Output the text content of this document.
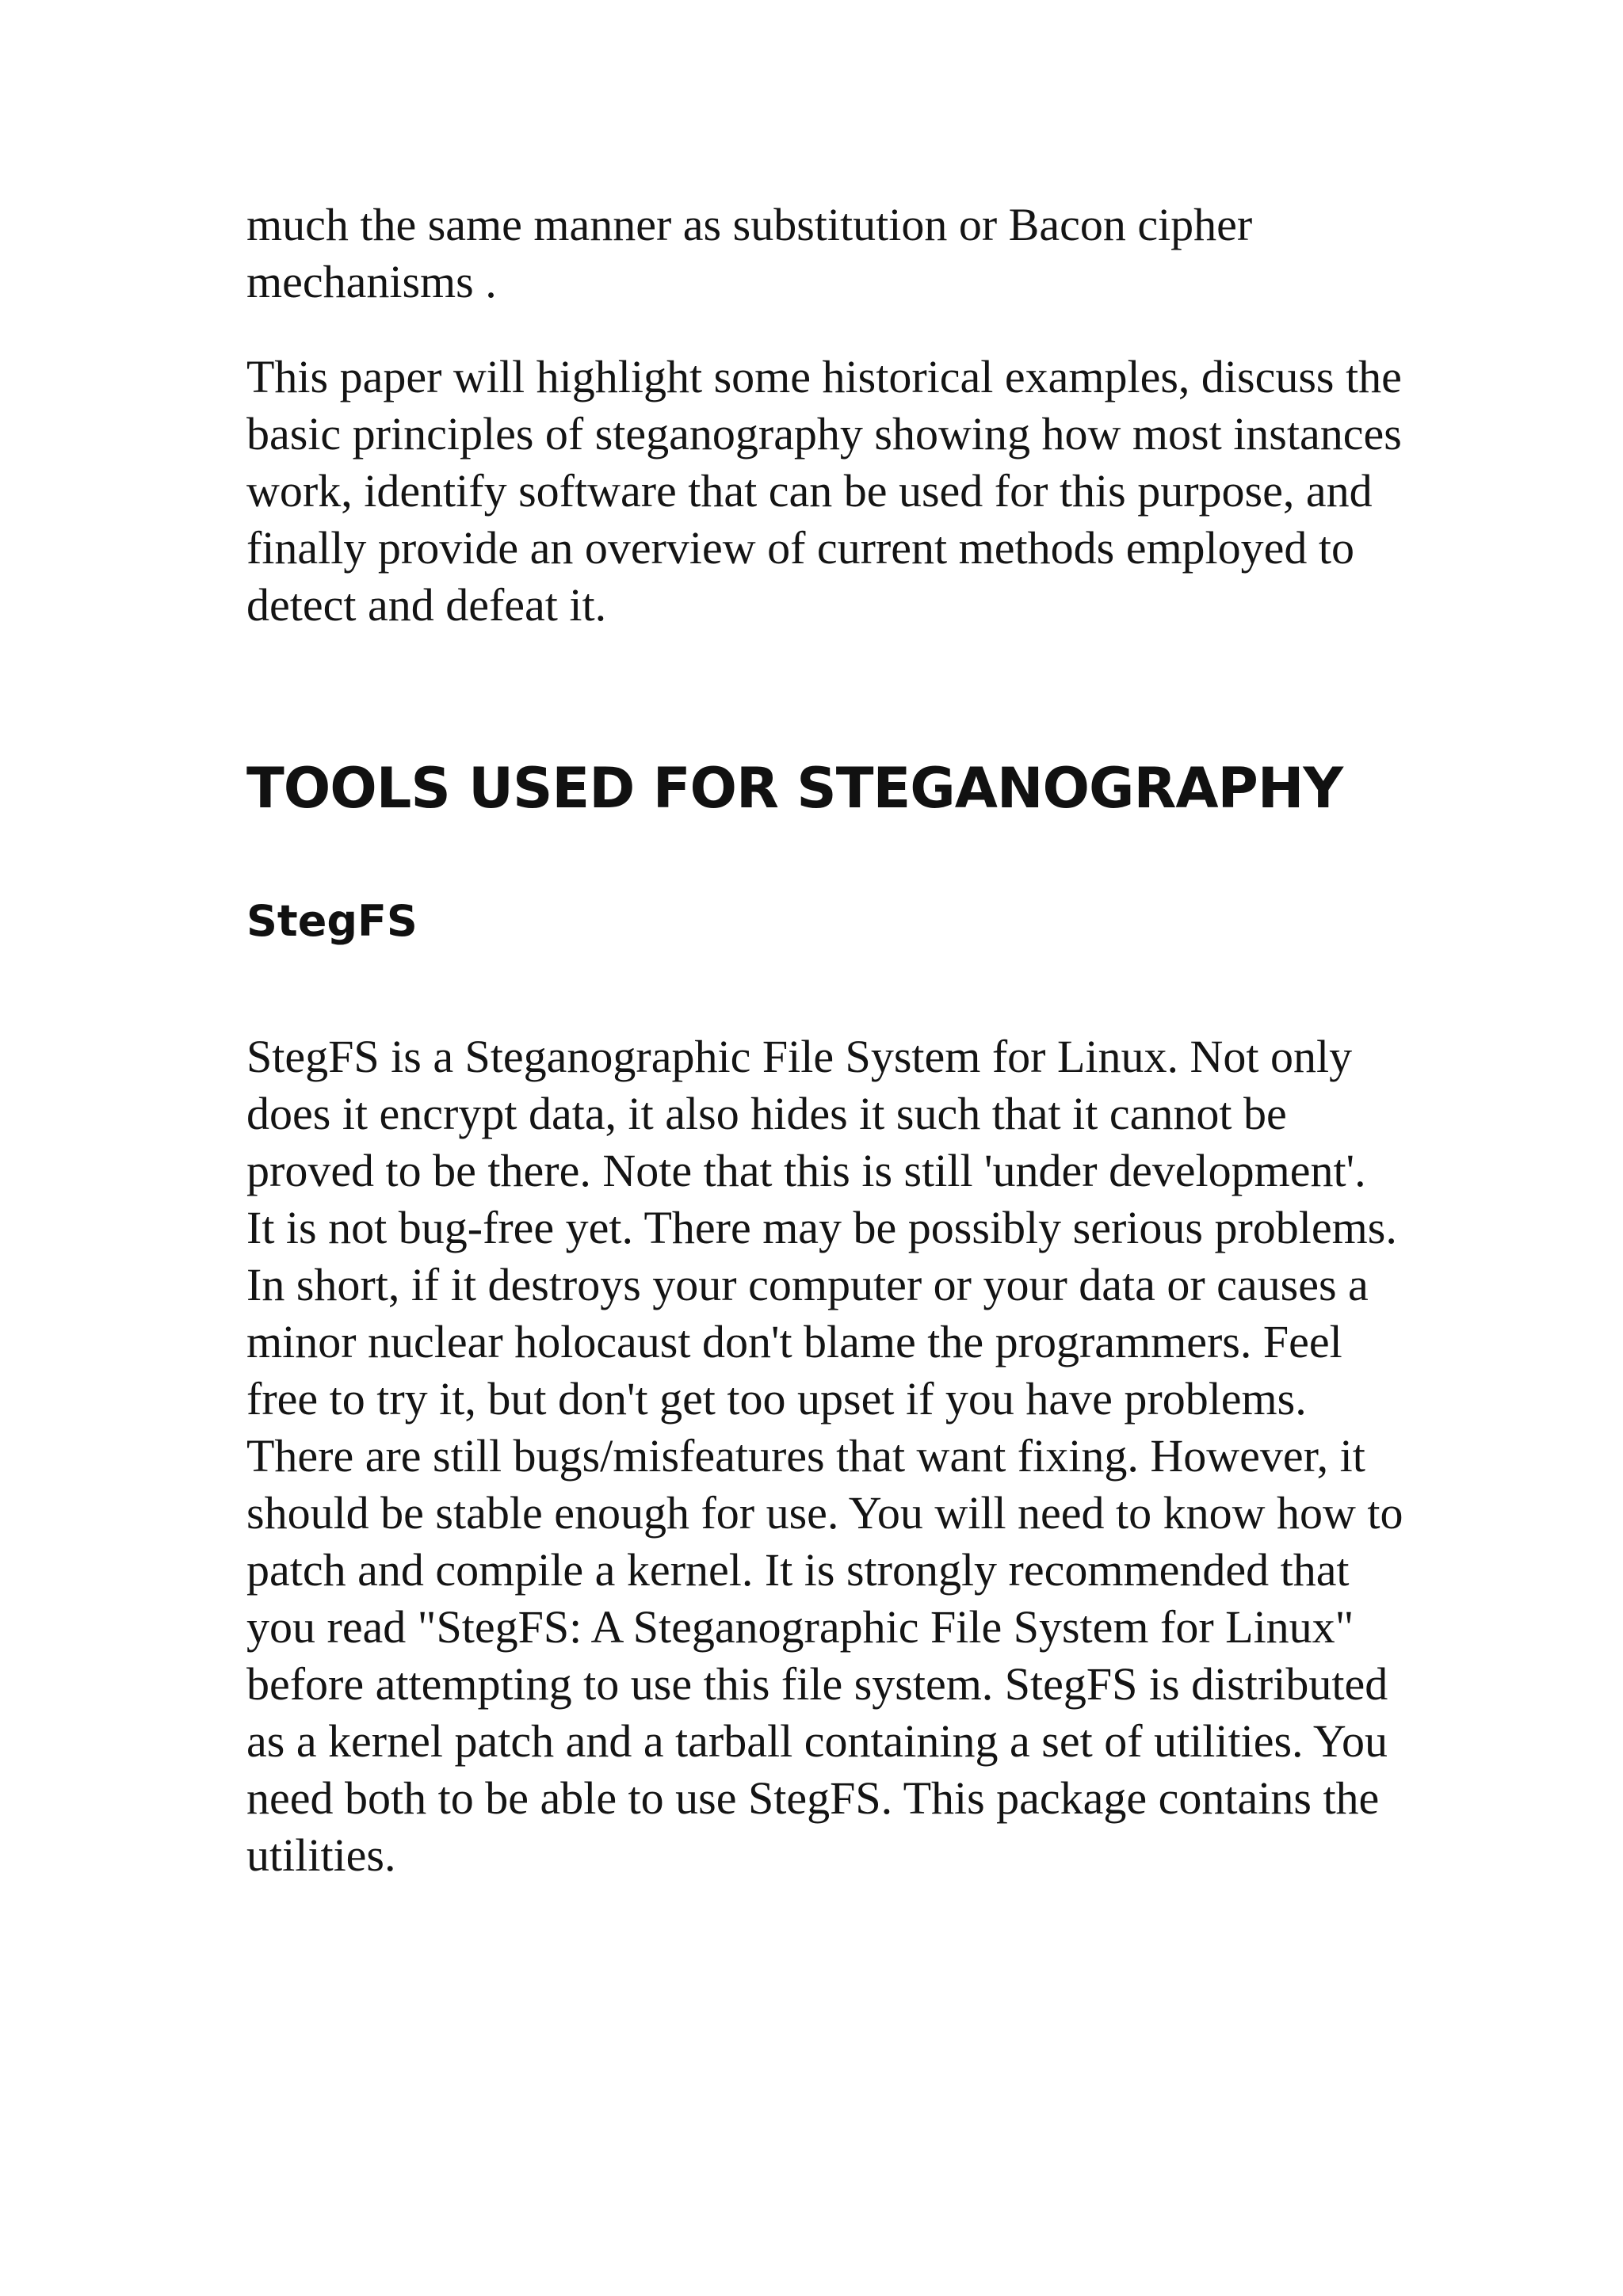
much the same manner as substitution or Bacon cipher mechanisms .

This paper will highlight some historical examples, discuss the basic principles of steganography showing how most instances work, identify software that can be used for this purpose, and finally provide an overview of current methods employed to detect and defeat it.

TOOLS USED FOR STEGANOGRAPHY
StegFS

StegFS is a Steganographic File System for Linux. Not only does it encrypt data, it also hides it such that it cannot be proved to be there. Note that this is still 'under development'. It is not bug-free yet. There may be possibly serious problems. In short, if it destroys your computer or your data or causes a minor nuclear holocaust don't blame the programmers. Feel free to try it, but don't get too upset if you have problems. There are still bugs/misfeatures that want fixing. However, it should be stable enough for use. You will need to know how to patch and compile a kernel. It is strongly recommended that you read "StegFS: A Steganographic File System for Linux" before attempting to use this file system. StegFS is distributed as a kernel patch and a tarball containing a set of utilities. You need both to be able to use StegFS. This package contains the utilities.
